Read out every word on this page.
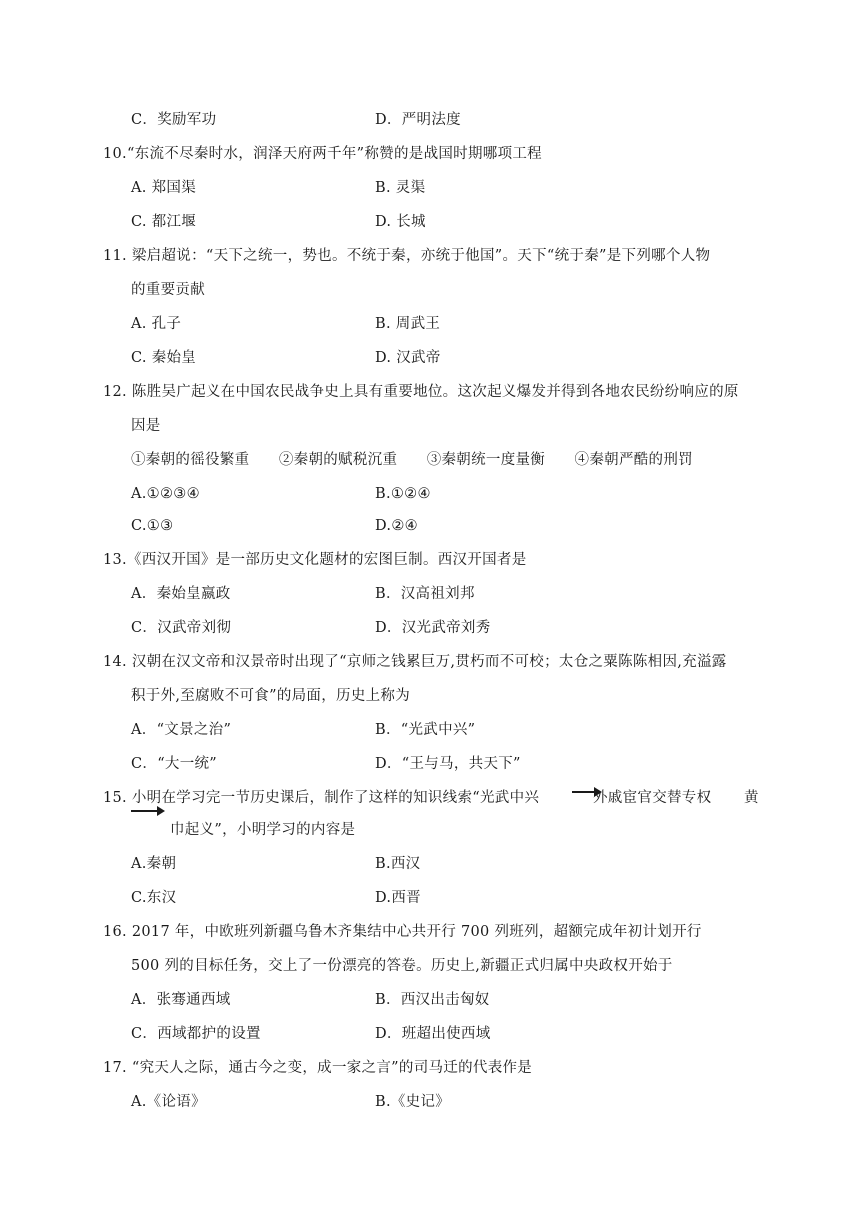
C．奖励军功	D．严明法度
10.“东流不尽秦时水，润泽天府两千年”称赞的是战国时期哪项工程
A. 郑国渠	B. 灵渠
C. 都江堰	D. 长城
11. 梁启超说：“天下之统一，势也。不统于秦，亦统于他国”。天下“统于秦”是下列哪个人物
的重要贡献
A. 孔子	B. 周武王
C. 秦始皇	D. 汉武帝
12. 陈胜吴广起义在中国农民战争史上具有重要地位。这次起义爆发并得到各地农民纷纷响应的原
因是
①秦朝的徭役繁重      ②秦朝的赋税沉重      ③秦朝统一度量衡      ④秦朝严酷的刑罚
A.①②③④	B.①②④
C.①③	D.②④
13.《西汉开国》是一部历史文化题材的宏图巨制。西汉开国者是
A．秦始皇嬴政	B．汉高祖刘邦
C．汉武帝刘彻	D．汉光武帝刘秀
14. 汉朝在汉文帝和汉景帝时出现了“京师之钱累巨万,贯朽而不可校；太仓之粟陈陈相因,充溢露
积于外,至腐败不可食”的局面，历史上称为
A．“文景之治”	B．“光武中兴”
C．“大一统”	D．“王与马，共天下”
15. 小明在学习完一节历史课后，制作了这样的知识线索“光武中兴	外戚宦官交替专权 黄
巾起义”，小明学习的内容是
A.秦朝	B.西汉
C.东汉	D.西晋
16. 2017 年，中欧班列新疆乌鲁木齐集结中心共开行 700 列班列，超额完成年初计划开行
500 列的目标任务，交上了一份漂亮的答卷。历史上,新疆正式归属中央政权开始于
A．张骞通西域	B．西汉出击匈奴
C．西域都护的设置	D．班超出使西域
17. “究天人之际，通古今之变，成一家之言”的司马迁的代表作是
A.《论语》	B.《史记》
